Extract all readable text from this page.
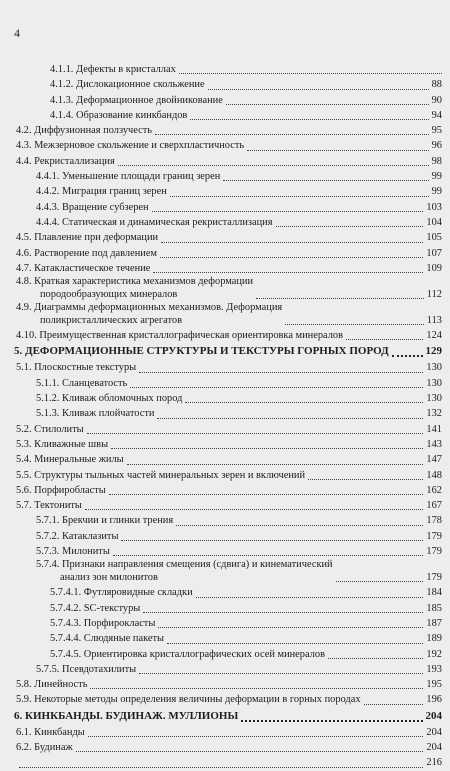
4
4.1.1. Дефекты в кристаллах
4.1.2. Дислокационное скольжение	88
4.1.3. Деформационное двойникование	90
4.1.4. Образование кинкбандов	94
4.2. Диффузионная ползучесть	95
4.3. Межзерновое скольжение и сверхпластичность	96
4.4. Рекристаллизация	98
4.4.1. Уменьшение площади границ зерен	99
4.4.2. Миграция границ зерен	99
4.4.3. Вращение субзерен	103
4.4.4. Статическая и динамическая рекристаллизация	104
4.5. Плавление при деформации	105
4.6. Растворение под давлением	107
4.7. Катакластическое течение	109
4.8. Краткая характеристика механизмов деформации
породообразующих минералов	112
4.9. Диаграммы деформационных механизмов. Деформация
поликристаллических агрегатов	113
4.10. Преимущественная кристаллографическая ориентировка минералов	124
5. ДЕФОРМАЦИОННЫЕ СТРУКТУРЫ И ТЕКСТУРЫ ГОРНЫХ ПОРОД	129
5.1. Плоскостные текстуры	130
5.1.1. Сланцеватость	130
5.1.2. Кливаж обломочных пород	130
5.1.3. Кливаж плойчатости	132
5.2. Стилолиты	141
5.3. Кливажные швы	143
5.4. Минеральные жилы	147
5.5. Структуры тыльных частей минеральных зерен и включений	148
5.6. Порфиробласты	162
5.7. Тектониты	167
5.7.1. Брекчии и глинки трения	178
5.7.2. Катаклазиты	179
5.7.3. Милониты	179
5.7.4. Признаки направления смещения (сдвига) и кинематический
анализ зон милонитов	179
5.7.4.1. Футляровидные складки	184
5.7.4.2. SC-текстуры	185
5.7.4.3. Порфирокласты	187
5.7.4.4. Слюдяные пакеты	189
5.7.4.5. Ориентировка кристаллографических осей минералов	192
5.7.5. Псевдотахилиты	193
5.8. Линейность	195
5.9. Некоторые методы определения величины деформации в горных породах	196
6. КИНКБАНДЫ. БУДИНАЖ. МУЛЛИОНЫ	204
6.1. Кинкбанды	204
6.2. Будинаж	204
216
